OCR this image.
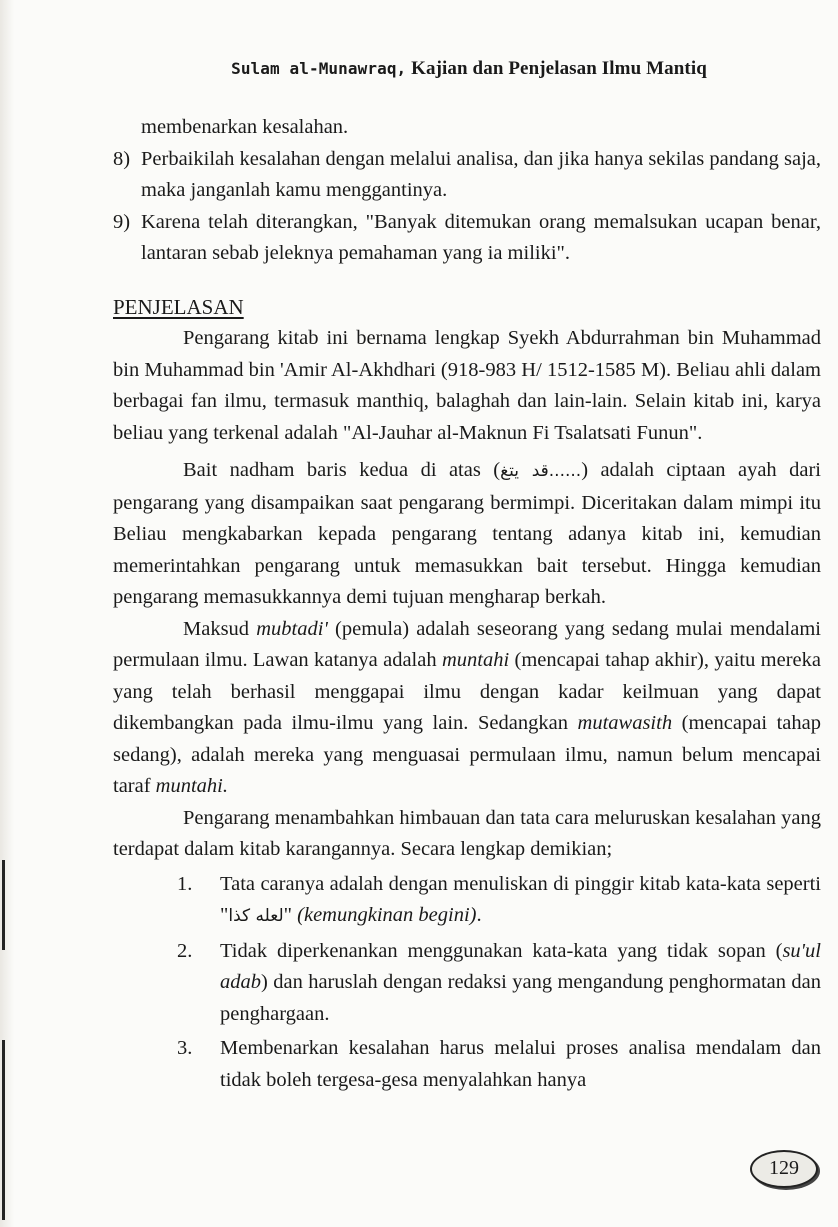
Sulam al-Munawraq, Kajian dan Penjelasan Ilmu Mantiq

membenarkan kesalahan.

8) Perbaikilah kesalahan dengan melalui analisa, dan jika hanya sekilas pandang saja, maka janganlah kamu menggantinya.
9) Karena telah diterangkan, "Banyak ditemukan orang memalsukan ucapan benar, lantaran sebab jeleknya pemahaman yang ia miliki".
PENJELASAN

Pengarang kitab ini bernama lengkap Syekh Abdurrahman bin Muhammad bin Muhammad bin 'Amir Al-Akhdhari (918-983 H/ 1512-1585 M). Beliau ahli dalam berbagai fan ilmu, termasuk manthiq, balaghah dan lain-lain. Selain kitab ini, karya beliau yang terkenal adalah "Al-Jauhar al-Maknun Fi Tsalatsati Funun".

Bait nadham baris kedua di atas (......قد يتغ) adalah ciptaan ayah dari pengarang yang disampaikan saat pengarang bermimpi. Diceritakan dalam mimpi itu Beliau mengkabarkan kepada pengarang tentang adanya kitab ini, kemudian memerintahkan pengarang untuk memasukkan bait tersebut. Hingga kemudian pengarang memasukkannya demi tujuan mengharap berkah.

Maksud mubtadi' (pemula) adalah seseorang yang sedang mulai mendalami permulaan ilmu. Lawan katanya adalah muntahi (mencapai tahap akhir), yaitu mereka yang telah berhasil menggapai ilmu dengan kadar keilmuan yang dapat dikembangkan pada ilmu-ilmu yang lain. Sedangkan mutawasith (mencapai tahap sedang), adalah mereka yang menguasai permulaan ilmu, namun belum mencapai taraf muntahi.

Pengarang menambahkan himbauan dan tata cara meluruskan kesalahan yang terdapat dalam kitab karangannya. Secara lengkap demikian;

1.	Tata caranya adalah dengan menuliskan di pinggir kitab kata-kata seperti "لعله كذا" (kemungkinan begini).
2.	Tidak diperkenankan menggunakan kata-kata yang tidak sopan (su'ul adab) dan haruslah dengan redaksi yang mengandung penghormatan dan penghargaan.
3.	Membenarkan kesalahan harus melalui proses analisa mendalam dan tidak boleh tergesa-gesa menyalahkan hanya
129
